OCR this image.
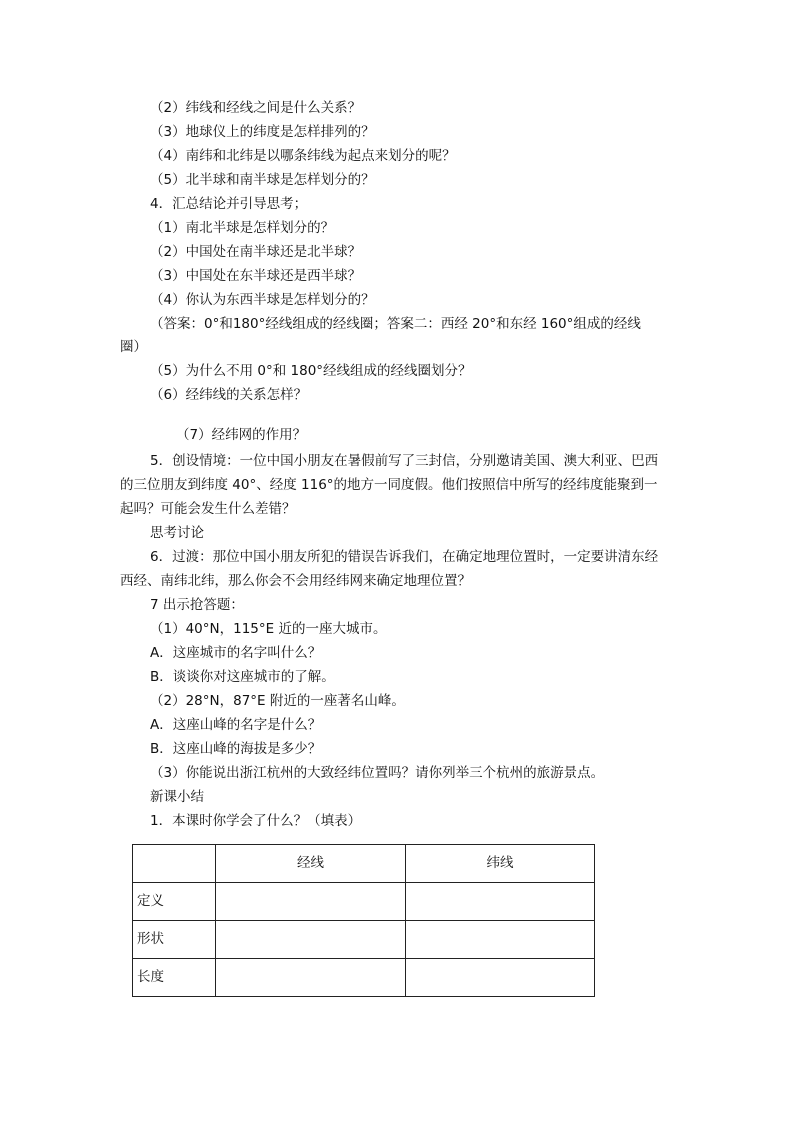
（2）纬线和经线之间是什么关系？
（3）地球仪上的纬度是怎样排列的？
（4）南纬和北纬是以哪条纬线为起点来划分的呢？
（5）北半球和南半球是怎样划分的？
4．汇总结论并引导思考；
（1）南北半球是怎样划分的？
（2）中国处在南半球还是北半球？
（3）中国处在东半球还是西半球？
（4）你认为东西半球是怎样划分的？
（答案：0°和180°经线组成的经线圈；答案二：西经 20°和东经 160°组成的经线
圈）
（5）为什么不用 0°和 180°经线组成的经线圈划分？
（6）经纬线的关系怎样？
（7）经纬网的作用？
5．创设情境：一位中国小朋友在暑假前写了三封信，分别邀请美国、澳大利亚、巴西
的三位朋友到纬度 40°、经度 116°的地方一同度假。他们按照信中所写的经纬度能聚到一
起吗？可能会发生什么差错？
思考讨论
6．过渡：那位中国小朋友所犯的错误告诉我们，在确定地理位置时，一定要讲清东经
西经、南纬北纬，那么你会不会用经纬网来确定地理位置？
7 出示抢答题：
（1）40°N，115°E 近的一座大城市。
A．这座城市的名字叫什么？
B．谈谈你对这座城市的了解。
（2）28°N，87°E 附近的一座著名山峰。
A．这座山峰的名字是什么？
B．这座山峰的海拔是多少？
（3）你能说出浙江杭州的大致经纬位置吗？请你列举三个杭州的旅游景点。
新课小结
1．本课时你学会了什么？（填表）

	经线	纬线

定义		

形状		

长度		
